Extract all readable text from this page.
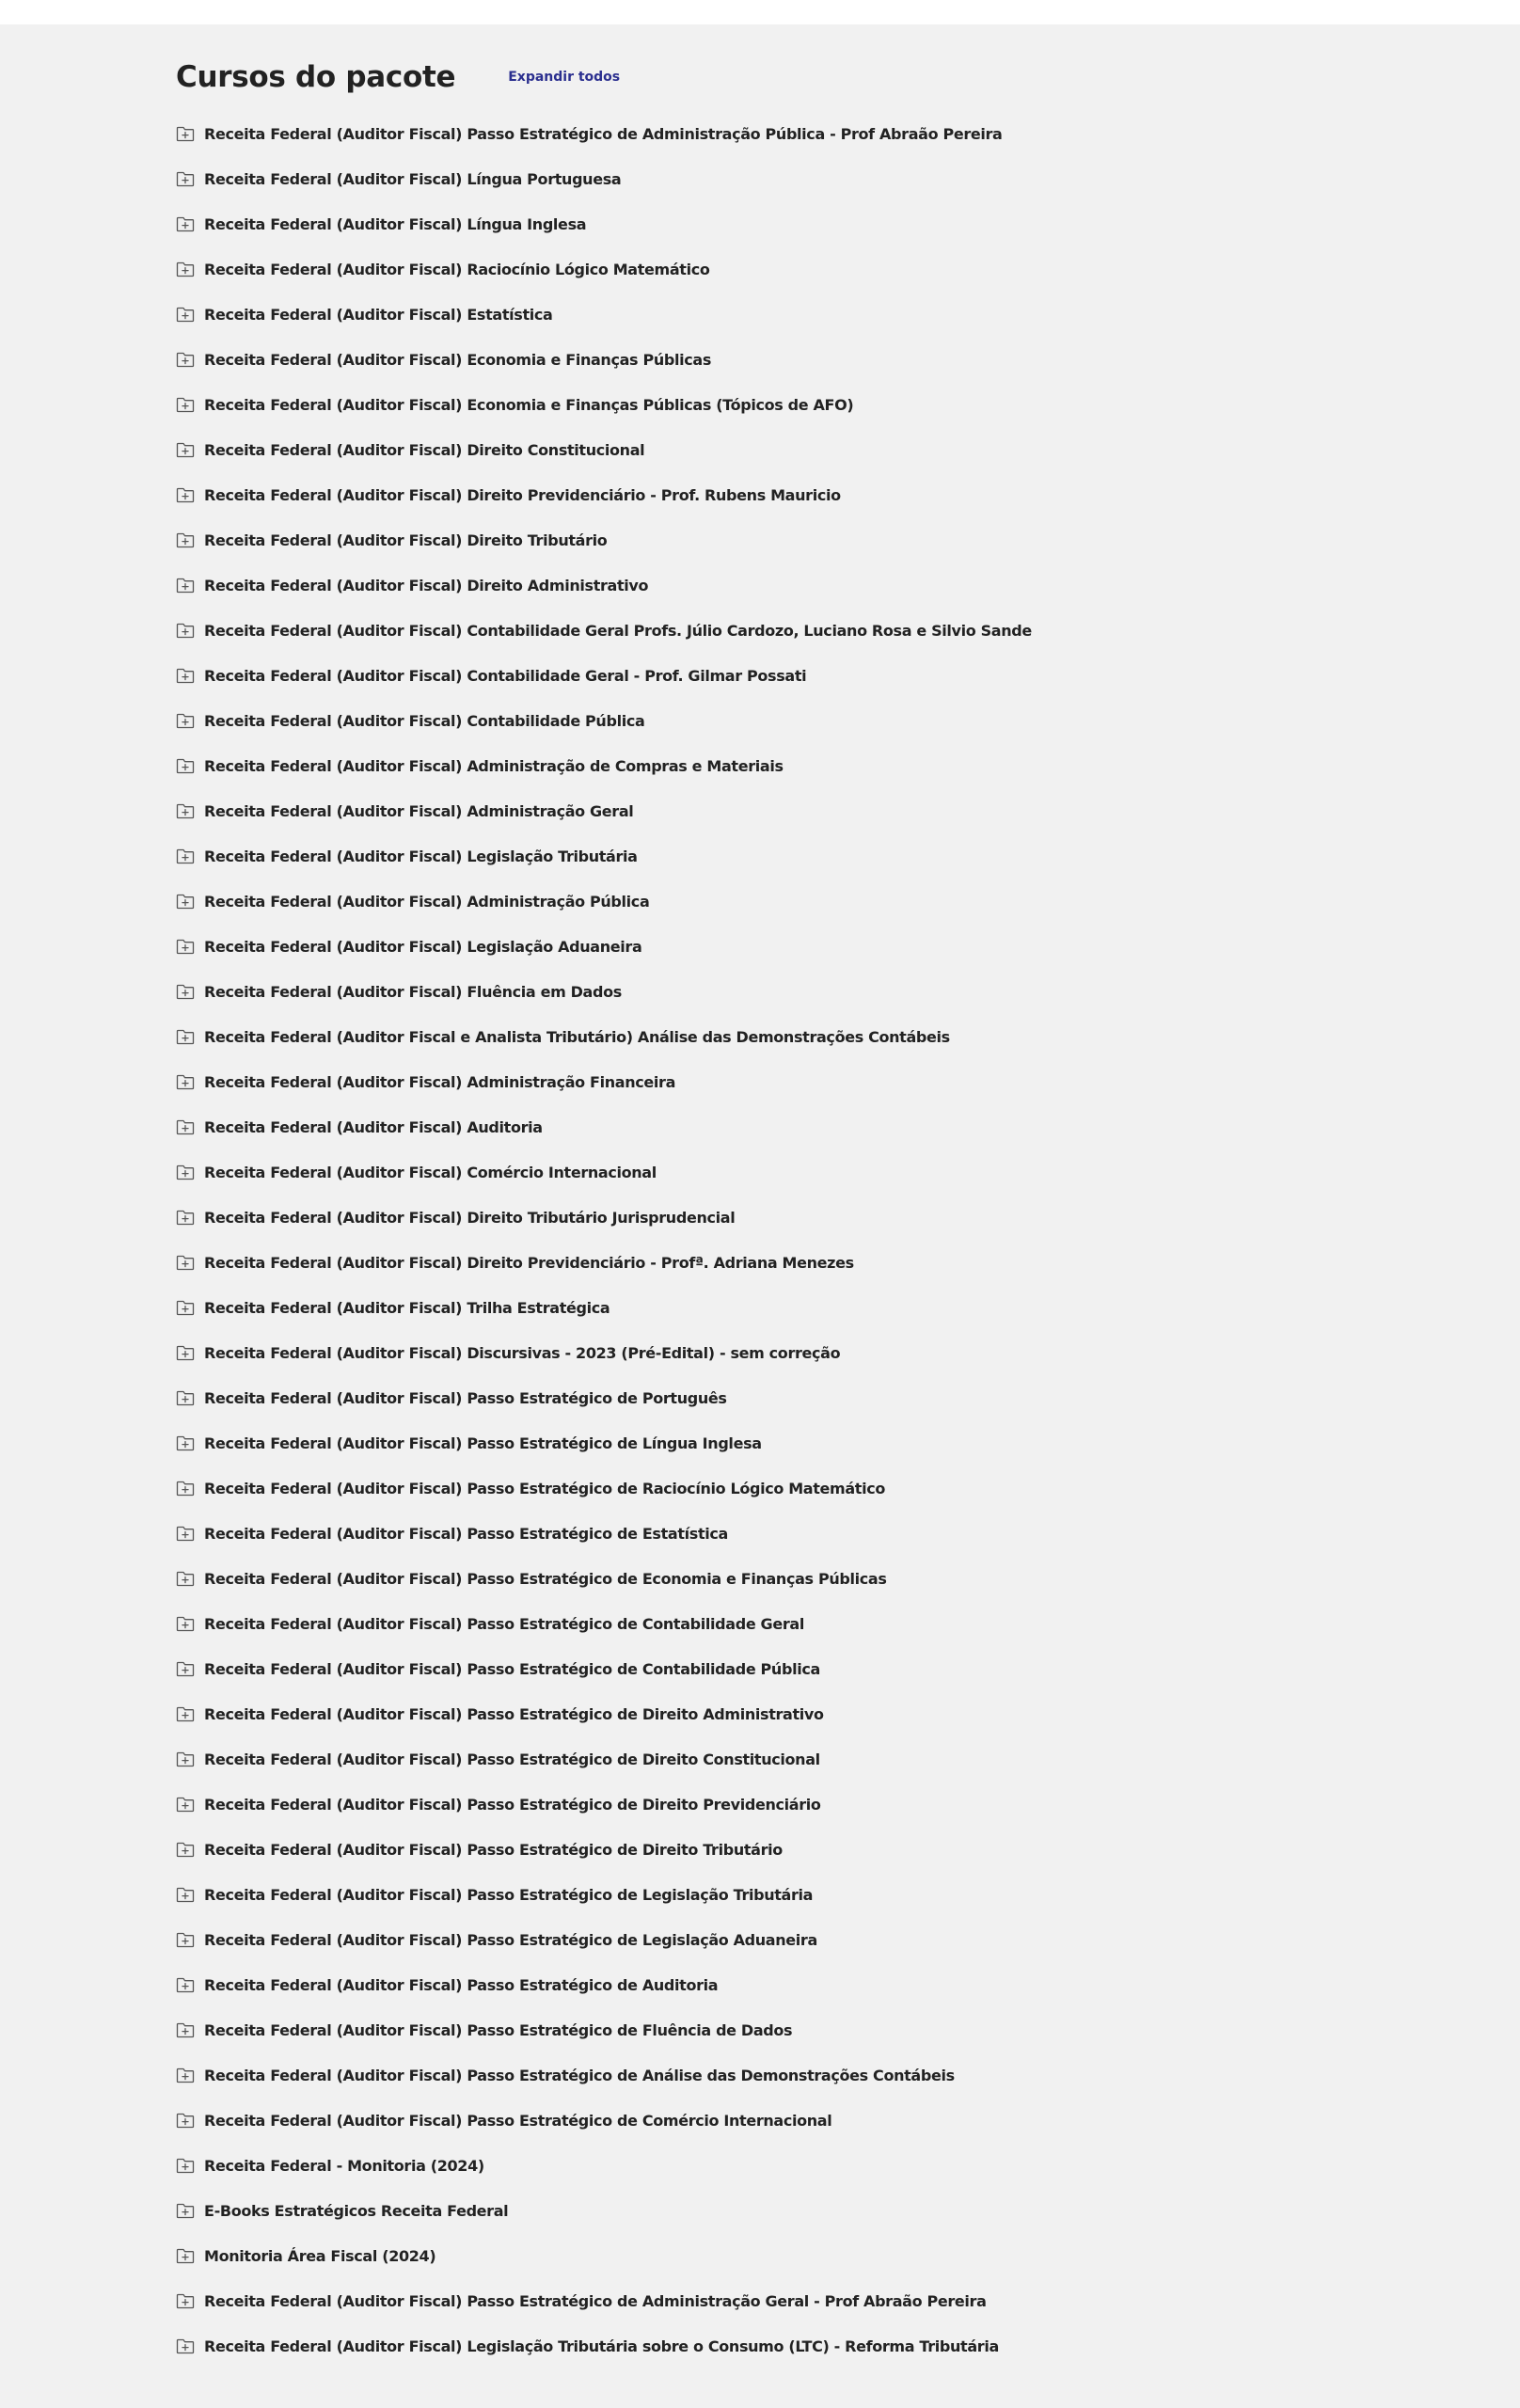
Cursos do pacote	Expandir todos
Receita Federal (Auditor Fiscal) Passo Estratégico de Administração Pública - Prof Abraão Pereira
Receita Federal (Auditor Fiscal) Língua Portuguesa
Receita Federal (Auditor Fiscal) Língua Inglesa
Receita Federal (Auditor Fiscal) Raciocínio Lógico Matemático
Receita Federal (Auditor Fiscal) Estatística
Receita Federal (Auditor Fiscal) Economia e Finanças Públicas
Receita Federal (Auditor Fiscal) Economia e Finanças Públicas (Tópicos de AFO)
Receita Federal (Auditor Fiscal) Direito Constitucional
Receita Federal (Auditor Fiscal) Direito Previdenciário - Prof. Rubens Mauricio
Receita Federal (Auditor Fiscal) Direito Tributário
Receita Federal (Auditor Fiscal) Direito Administrativo
Receita Federal (Auditor Fiscal) Contabilidade Geral Profs. Júlio Cardozo, Luciano Rosa e Silvio Sande
Receita Federal (Auditor Fiscal) Contabilidade Geral - Prof. Gilmar Possati
Receita Federal (Auditor Fiscal) Contabilidade Pública
Receita Federal (Auditor Fiscal) Administração de Compras e Materiais
Receita Federal (Auditor Fiscal) Administração Geral
Receita Federal (Auditor Fiscal) Legislação Tributária
Receita Federal (Auditor Fiscal) Administração Pública
Receita Federal (Auditor Fiscal) Legislação Aduaneira
Receita Federal (Auditor Fiscal) Fluência em Dados
Receita Federal (Auditor Fiscal e Analista Tributário) Análise das Demonstrações Contábeis
Receita Federal (Auditor Fiscal) Administração Financeira
Receita Federal (Auditor Fiscal) Auditoria
Receita Federal (Auditor Fiscal) Comércio Internacional
Receita Federal (Auditor Fiscal) Direito Tributário Jurisprudencial
Receita Federal (Auditor Fiscal) Direito Previdenciário - Profª. Adriana Menezes
Receita Federal (Auditor Fiscal) Trilha Estratégica
Receita Federal (Auditor Fiscal) Discursivas - 2023 (Pré-Edital) - sem correção
Receita Federal (Auditor Fiscal) Passo Estratégico de Português
Receita Federal (Auditor Fiscal) Passo Estratégico de Língua Inglesa
Receita Federal (Auditor Fiscal) Passo Estratégico de Raciocínio Lógico Matemático
Receita Federal (Auditor Fiscal) Passo Estratégico de Estatística
Receita Federal (Auditor Fiscal) Passo Estratégico de Economia e Finanças Públicas
Receita Federal (Auditor Fiscal) Passo Estratégico de Contabilidade Geral
Receita Federal (Auditor Fiscal) Passo Estratégico de Contabilidade Pública
Receita Federal (Auditor Fiscal) Passo Estratégico de Direito Administrativo
Receita Federal (Auditor Fiscal) Passo Estratégico de Direito Constitucional
Receita Federal (Auditor Fiscal) Passo Estratégico de Direito Previdenciário
Receita Federal (Auditor Fiscal) Passo Estratégico de Direito Tributário
Receita Federal (Auditor Fiscal) Passo Estratégico de Legislação Tributária
Receita Federal (Auditor Fiscal) Passo Estratégico de Legislação Aduaneira
Receita Federal (Auditor Fiscal) Passo Estratégico de Auditoria
Receita Federal (Auditor Fiscal) Passo Estratégico de Fluência de Dados
Receita Federal (Auditor Fiscal) Passo Estratégico de Análise das Demonstrações Contábeis
Receita Federal (Auditor Fiscal) Passo Estratégico de Comércio Internacional
Receita Federal - Monitoria (2024)
E-Books Estratégicos Receita Federal
Monitoria Área Fiscal (2024)
Receita Federal (Auditor Fiscal) Passo Estratégico de Administração Geral - Prof Abraão Pereira
Receita Federal (Auditor Fiscal) Legislação Tributária sobre o Consumo (LTC) - Reforma Tributária
